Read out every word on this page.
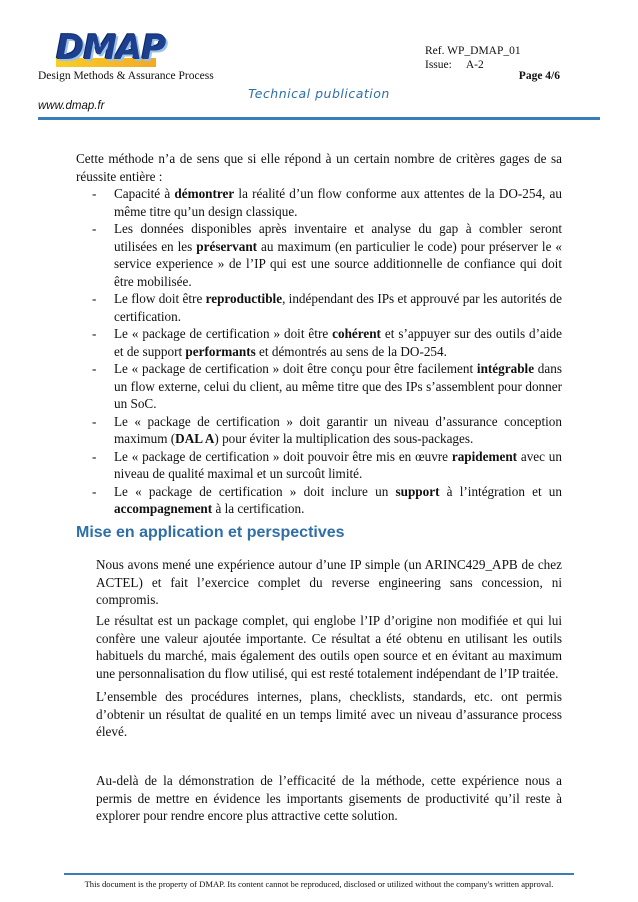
DMAP	Ref. WP_DMAP_01
Issue: A-2
Design Methods & Assurance Process	Page 4/6
Technical publication
www.dmap.fr

Cette méthode n’a de sens que si elle répond à un certain nombre de critères gages de sa réussite entière :

- Capacité à démontrer la réalité d’un flow conforme aux attentes de la DO-254, au même titre qu’un design classique.
- Les données disponibles après inventaire et analyse du gap à combler seront utilisées en les préservant au maximum (en particulier le code) pour préserver le « service experience » de l’IP qui est une source additionnelle de confiance qui doit être mobilisée.
- Le flow doit être reproductible, indépendant des IPs et approuvé par les autorités de certification.
- Le « package de certification » doit être cohérent et s’appuyer sur des outils d’aide et de support performants et démontrés au sens de la DO-254.
- Le « package de certification » doit être conçu pour être facilement intégrable dans un flow externe, celui du client, au même titre que des IPs s’assemblent pour donner un SoC.
- Le « package de certification » doit garantir un niveau d’assurance conception maximum (DAL A) pour éviter la multiplication des sous-packages.
- Le « package de certification » doit pouvoir être mis en œuvre rapidement avec un niveau de qualité maximal et un surcoût limité.
- Le « package de certification » doit inclure un support à l’intégration et un accompagnement à la certification.
Mise en application et perspectives

Nous avons mené une expérience autour d’une IP simple (un ARINC429_APB de chez ACTEL) et fait l’exercice complet du reverse engineering sans concession, ni compromis.

Le résultat est un package complet, qui englobe l’IP d’origine non modifiée et qui lui confère une valeur ajoutée importante. Ce résultat a été obtenu en utilisant les outils habituels du marché, mais également des outils open source et en évitant au maximum une personnalisation du flow utilisé, qui est resté totalement indépendant de l’IP traitée.

L’ensemble des procédures internes, plans, checklists, standards, etc. ont permis d’obtenir un résultat de qualité en un temps limité avec un niveau d’assurance process élevé.

Au-delà de la démonstration de l’efficacité de la méthode, cette expérience nous a permis de mettre en évidence les importants gisements de productivité qu’il reste à explorer pour rendre encore plus attractive cette solution.

This document is the property of DMAP. Its content cannot be reproduced, disclosed or utilized without the company's written approval.
